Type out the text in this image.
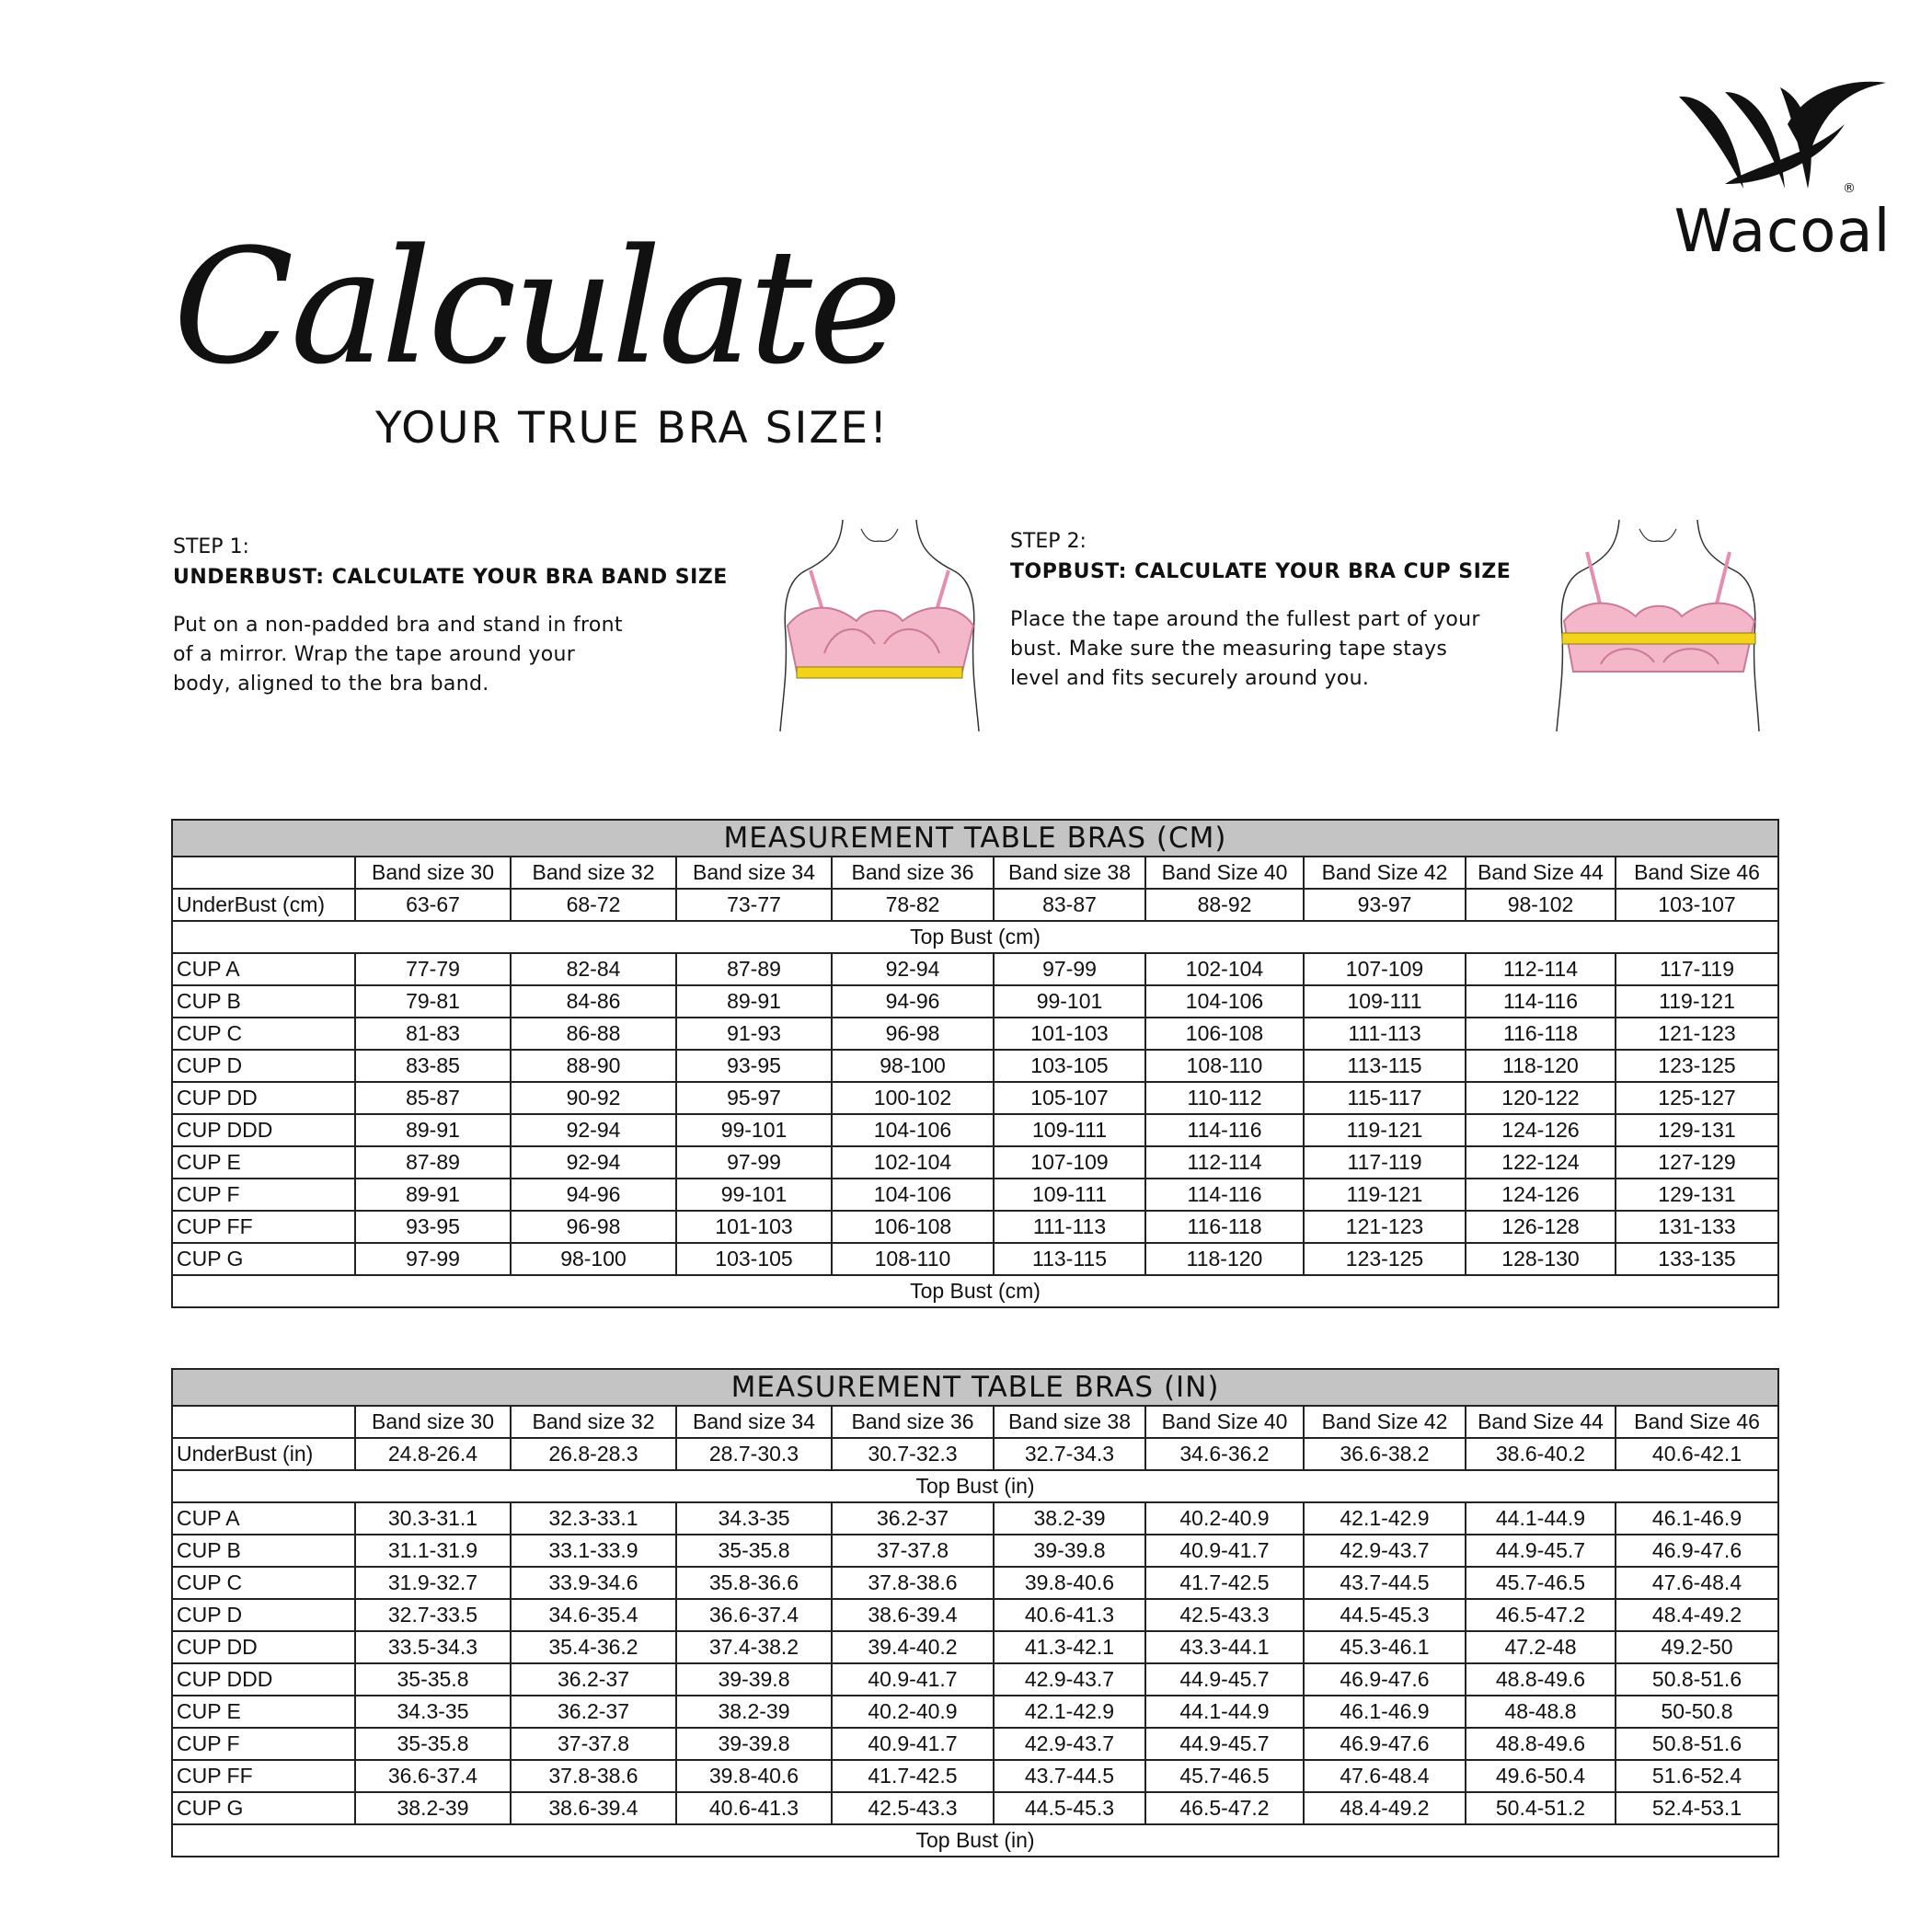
®
Wacoal
Calculate
YOUR TRUE BRA SIZE!

STEP 1:

UNDERBUST: CALCULATE YOUR BRA BAND SIZE

Put on a non-padded bra and stand in front
of a mirror. Wrap the tape around your
body, aligned to the bra band.

STEP 2:

TOPBUST: CALCULATE YOUR BRA CUP SIZE

Place the tape around the fullest part of your
bust. Make sure the measuring tape stays
level and fits securely around you.

MEASUREMENT TABLE BRAS (CM)									
	Band size 30	Band size 32	Band size 34	Band size 36	Band size 38	Band Size 40	Band Size 42	Band Size 44	Band Size 46
UnderBust (cm)	63-67	68-72	73-77	78-82	83-87	88-92	93-97	98-102	103-107
Top Bust (cm)									
CUP A	77-79	82-84	87-89	92-94	97-99	102-104	107-109	112-114	117-119
CUP B	79-81	84-86	89-91	94-96	99-101	104-106	109-111	114-116	119-121
CUP C	81-83	86-88	91-93	96-98	101-103	106-108	111-113	116-118	121-123
CUP D	83-85	88-90	93-95	98-100	103-105	108-110	113-115	118-120	123-125
CUP DD	85-87	90-92	95-97	100-102	105-107	110-112	115-117	120-122	125-127
CUP DDD	89-91	92-94	99-101	104-106	109-111	114-116	119-121	124-126	129-131
CUP E	87-89	92-94	97-99	102-104	107-109	112-114	117-119	122-124	127-129
CUP F	89-91	94-96	99-101	104-106	109-111	114-116	119-121	124-126	129-131
CUP FF	93-95	96-98	101-103	106-108	111-113	116-118	121-123	126-128	131-133
CUP G	97-99	98-100	103-105	108-110	113-115	118-120	123-125	128-130	133-135
Top Bust (cm)									
MEASUREMENT TABLE BRAS (IN)									
	Band size 30	Band size 32	Band size 34	Band size 36	Band size 38	Band Size 40	Band Size 42	Band Size 44	Band Size 46
UnderBust (in)	24.8-26.4	26.8-28.3	28.7-30.3	30.7-32.3	32.7-34.3	34.6-36.2	36.6-38.2	38.6-40.2	40.6-42.1
Top Bust (in)									
CUP A	30.3-31.1	32.3-33.1	34.3-35	36.2-37	38.2-39	40.2-40.9	42.1-42.9	44.1-44.9	46.1-46.9
CUP B	31.1-31.9	33.1-33.9	35-35.8	37-37.8	39-39.8	40.9-41.7	42.9-43.7	44.9-45.7	46.9-47.6
CUP C	31.9-32.7	33.9-34.6	35.8-36.6	37.8-38.6	39.8-40.6	41.7-42.5	43.7-44.5	45.7-46.5	47.6-48.4
CUP D	32.7-33.5	34.6-35.4	36.6-37.4	38.6-39.4	40.6-41.3	42.5-43.3	44.5-45.3	46.5-47.2	48.4-49.2
CUP DD	33.5-34.3	35.4-36.2	37.4-38.2	39.4-40.2	41.3-42.1	43.3-44.1	45.3-46.1	47.2-48	49.2-50
CUP DDD	35-35.8	36.2-37	39-39.8	40.9-41.7	42.9-43.7	44.9-45.7	46.9-47.6	48.8-49.6	50.8-51.6
CUP E	34.3-35	36.2-37	38.2-39	40.2-40.9	42.1-42.9	44.1-44.9	46.1-46.9	48-48.8	50-50.8
CUP F	35-35.8	37-37.8	39-39.8	40.9-41.7	42.9-43.7	44.9-45.7	46.9-47.6	48.8-49.6	50.8-51.6
CUP FF	36.6-37.4	37.8-38.6	39.8-40.6	41.7-42.5	43.7-44.5	45.7-46.5	47.6-48.4	49.6-50.4	51.6-52.4
CUP G	38.2-39	38.6-39.4	40.6-41.3	42.5-43.3	44.5-45.3	46.5-47.2	48.4-49.2	50.4-51.2	52.4-53.1
Top Bust (in)									
